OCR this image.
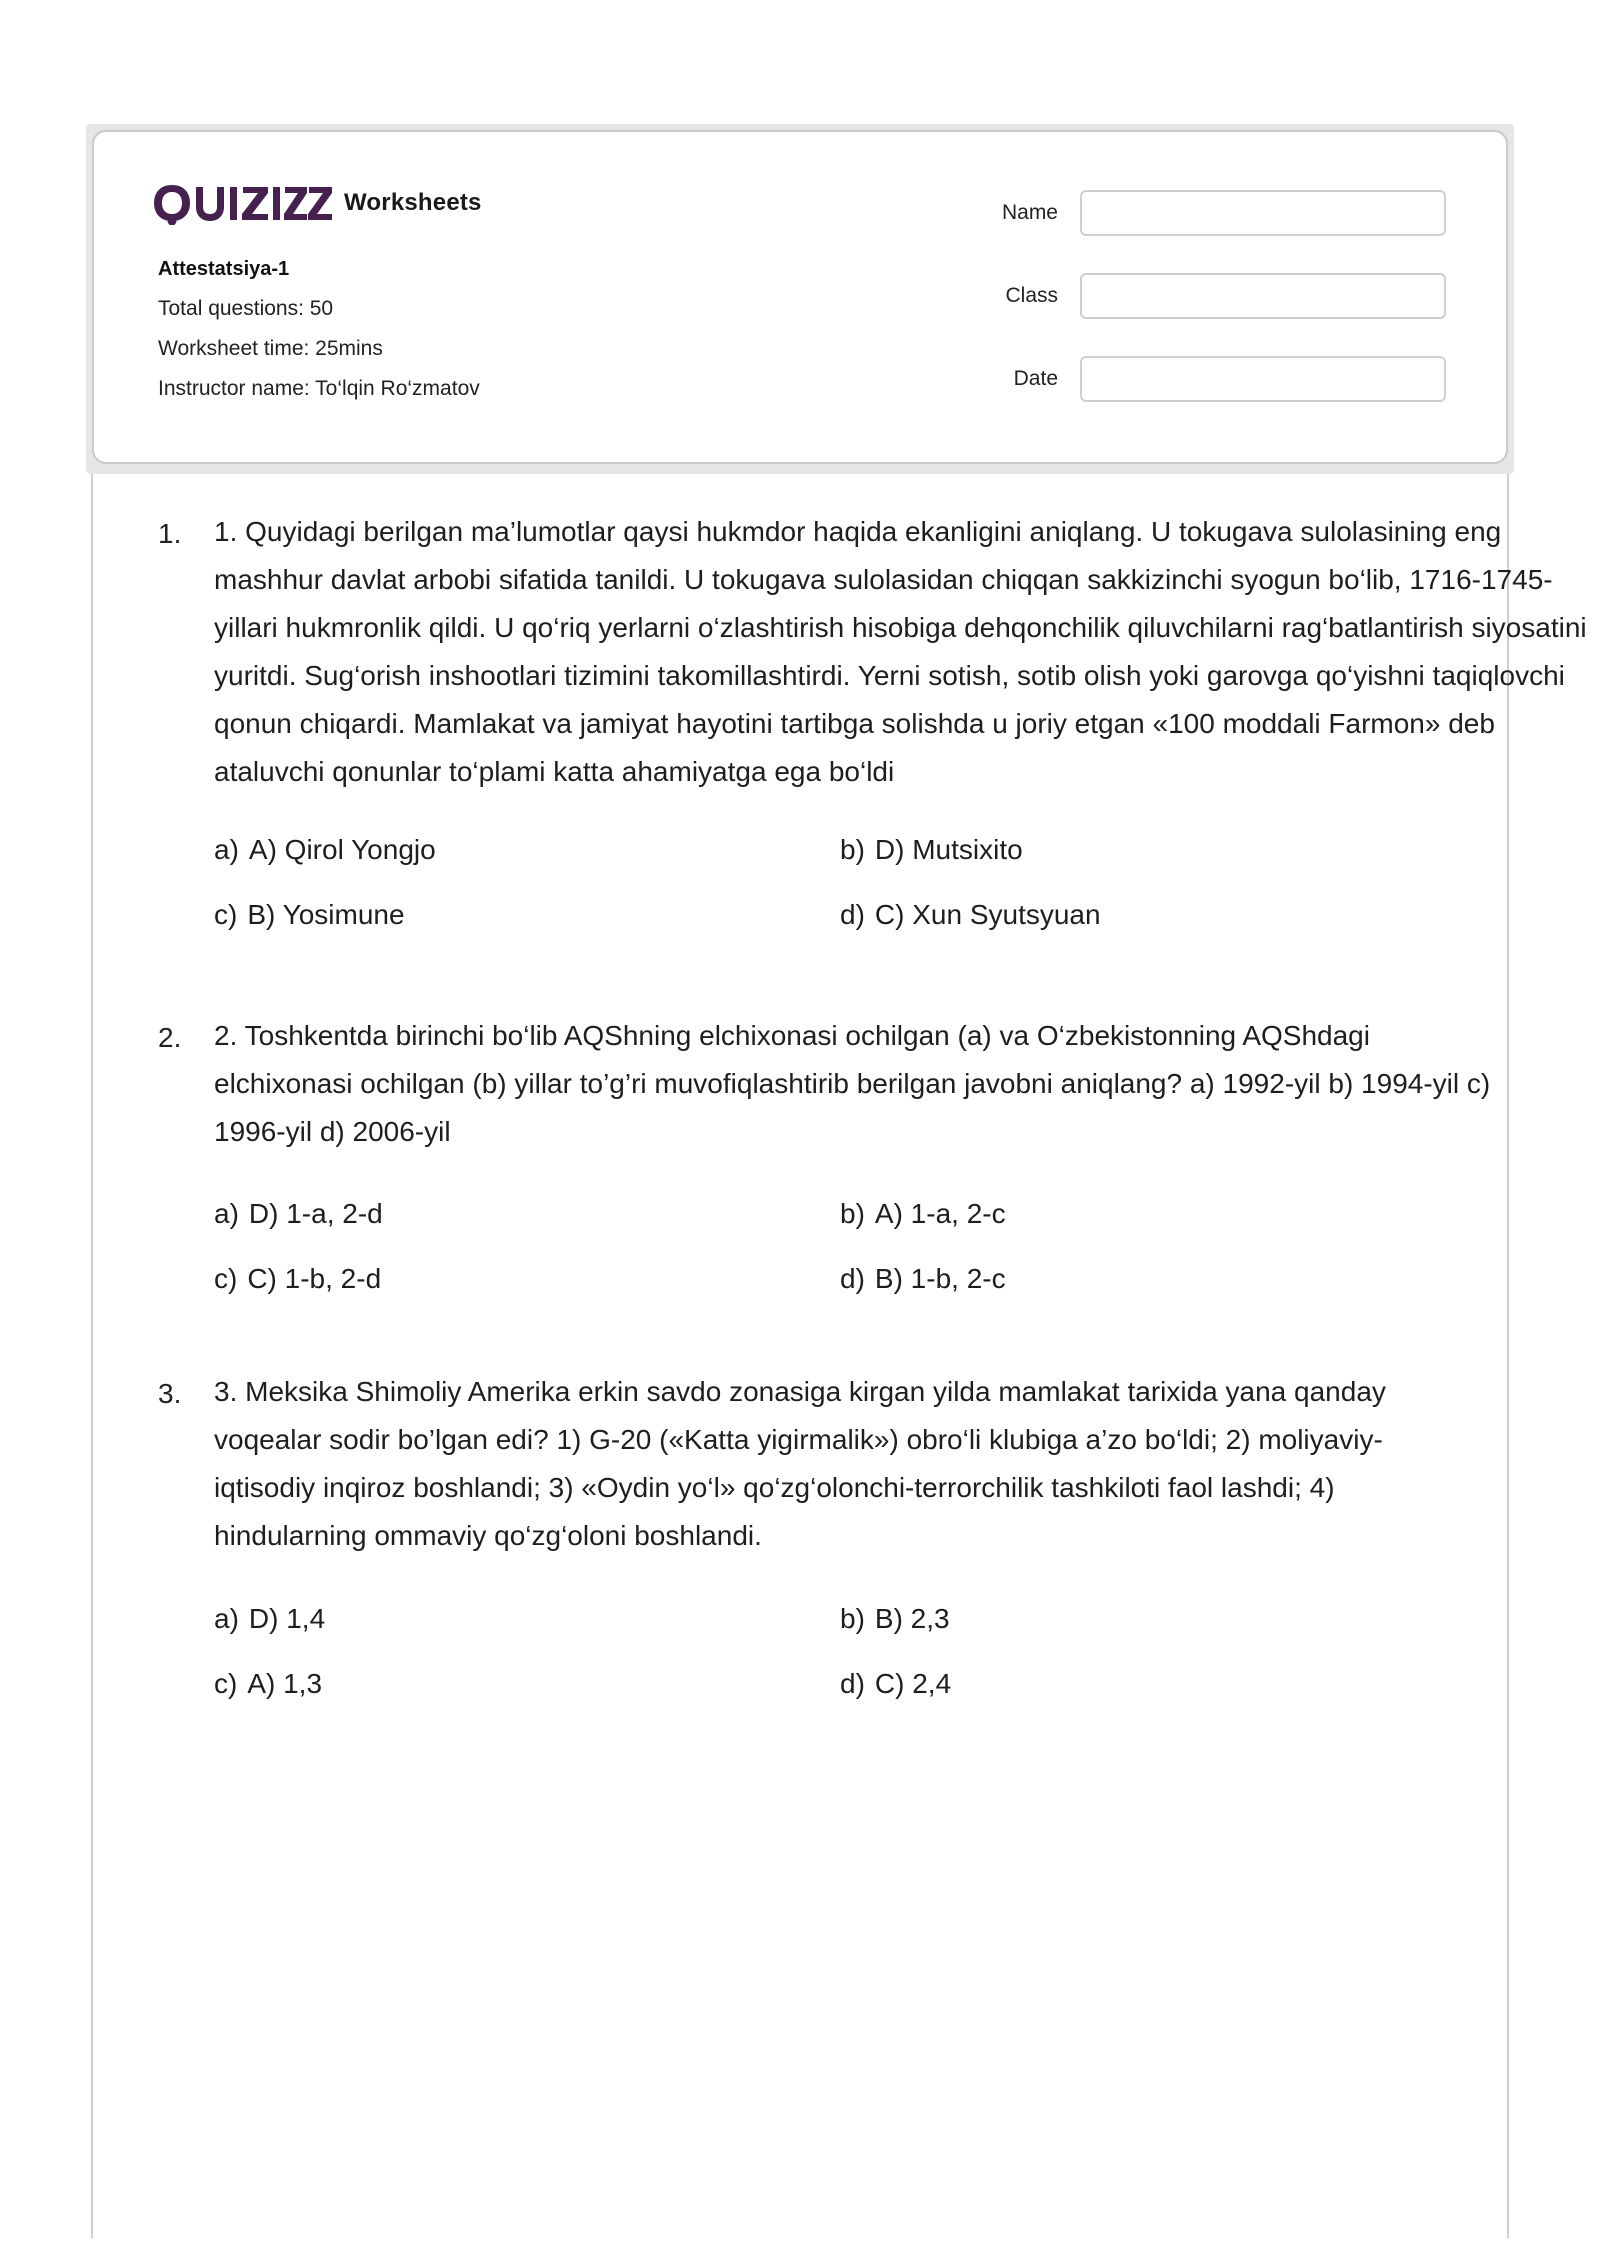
Worksheets
Attestatsiya-1
Total questions: 50
Worksheet time: 25mins
Instructor name: To‘lqin Ro‘zmatov
Name
Class
Date
1. 1. Quyidagi berilgan ma’lumotlar qaysi hukmdor haqida ekanligini aniqlang. U tokugava sulolasining eng mashhur davlat arbobi sifatida tanildi. U tokugava sulolasidan chiqqan sakkizinchi syogun bo‘lib, 1716-1745-yillari hukmronlik qildi. U qo‘riq yerlarni o‘zlashtirish hisobiga dehqonchilik qiluvchilarni rag‘batlantirish siyosatini yuritdi. Sug‘orish inshootlari tizimini takomillashtirdi. Yerni sotish, sotib olish yoki garovga qo‘yishni taqiqlovchi qonun chiqardi. Mamlakat va jamiyat hayotini tartibga solishda u joriy etgan «100 moddali Farmon» deb ataluvchi qonunlar to‘plami katta ahamiyatga ega bo‘ldi
a) A) Qirol Yongjo	b) D) Mutsixito
c) B) Yosimune	d) C) Xun Syutsyuan
2. 2. Toshkentda birinchi bo‘lib AQShning elchixonasi ochilgan (a) va O‘zbekistonning AQShdagi elchixonasi ochilgan (b) yillar to’g’ri muvofiqlashtirib berilgan javobni aniqlang? a) 1992-yil b) 1994-yil c) 1996-yil d) 2006-yil
a) D) 1-a, 2-d	b) A) 1-a, 2-c
c) C) 1-b, 2-d	d) B) 1-b, 2-c
3. 3. Meksika Shimoliy Amerika erkin savdo zonasiga kirgan yilda mamlakat tarixida yana qanday voqealar sodir bo’lgan edi? 1) G-20 («Katta yigirmalik») obro‘li klubiga a’zo bo‘ldi; 2) moliyaviy-iqtisodiy inqiroz boshlandi; 3) «Oydin yo‘l» qo‘zg‘olonchi-terrorchilik tashkiloti faol lashdi; 4) hindularning ommaviy qo‘zg‘oloni boshlandi.
a) D) 1,4	b) B) 2,3
c) A) 1,3	d) C) 2,4
